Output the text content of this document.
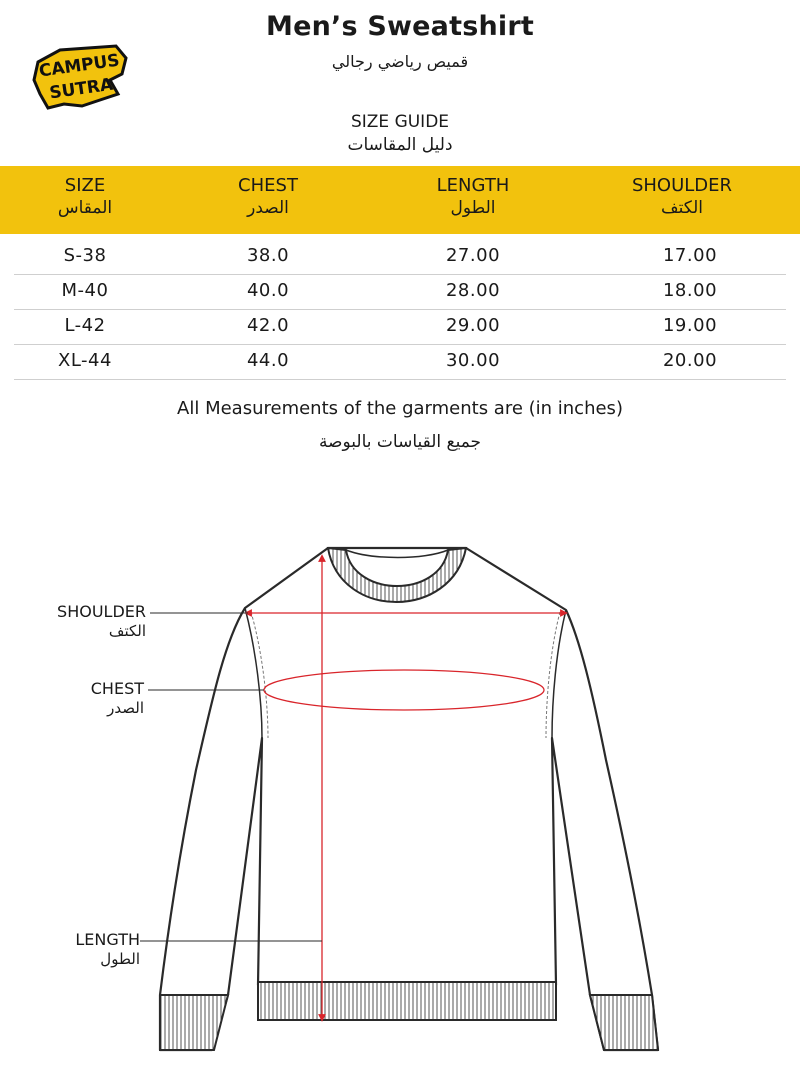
CAMPUS
SUTRA
Men’s Sweatshirt
قميص رياضي رجالي
SIZE GUIDE
دليل المقاسات
SIZE
المقاس
CHEST
الصدر
LENGTH
الطول
SHOULDER
الكتف
S-38	38.0	27.00	17.00
M-40	40.0	28.00	18.00
L-42	42.0	29.00	19.00
XL-44	44.0	30.00	20.00
All Measurements of the garments are (in inches)
جميع القياسات بالبوصة
SHOULDER
الكتف
CHEST
الصدر
LENGTH
الطول
